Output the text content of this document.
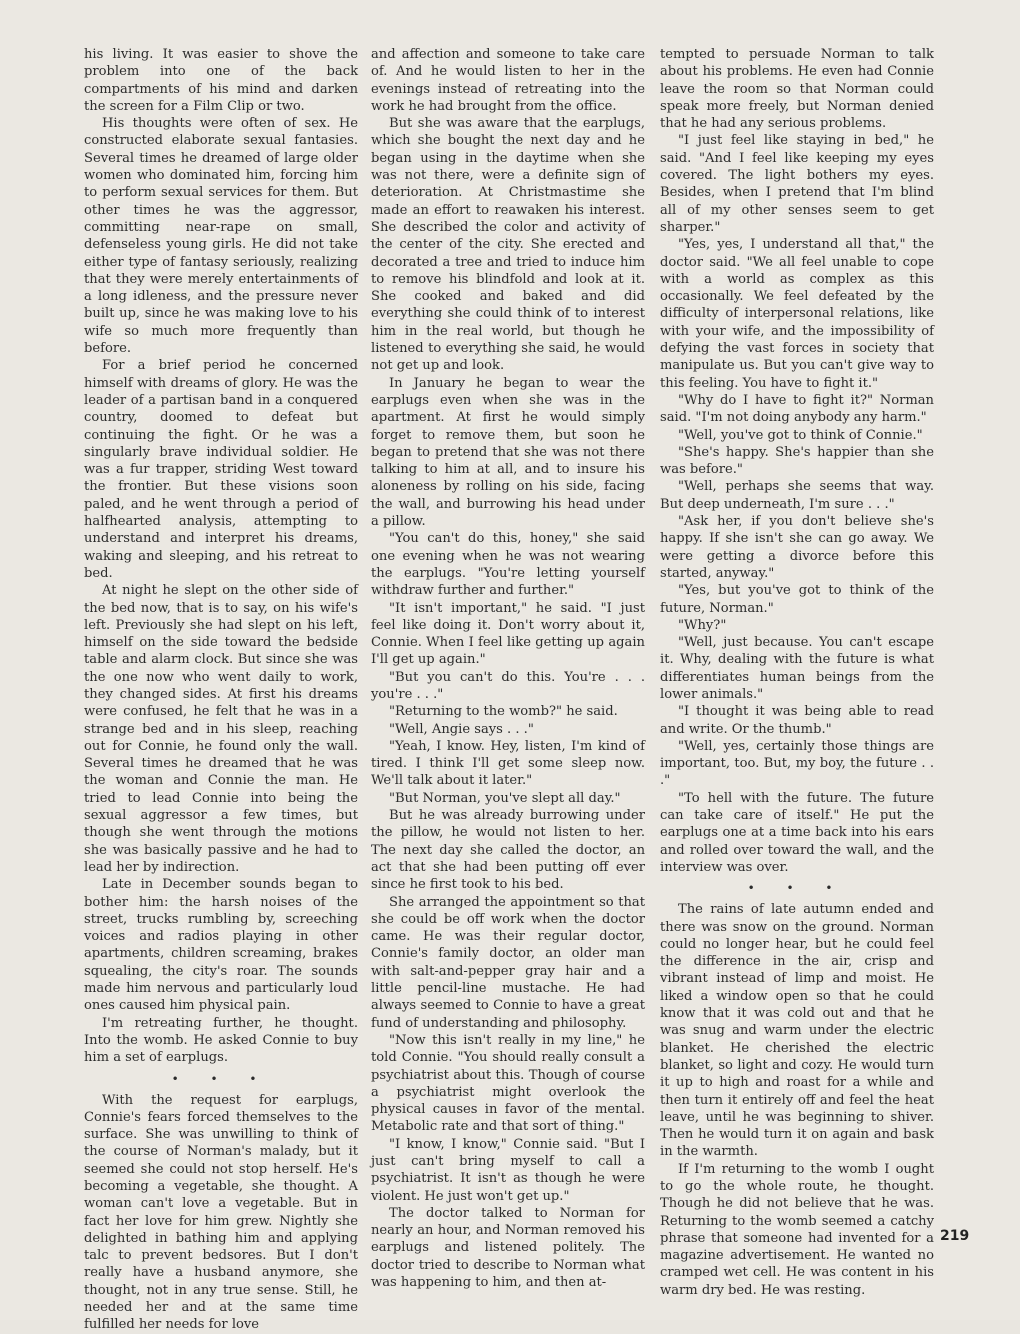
his living. It was easier to shove the problem into one of the back compartments of his mind and darken the screen for a Film Clip or two.

His thoughts were often of sex. He constructed elaborate sexual fantasies. Several times he dreamed of large older women who dominated him, forcing him to perform sexual services for them. But other times he was the aggressor, committing near-rape on small, defenseless young girls. He did not take either type of fantasy seriously, realizing that they were merely entertainments of a long idleness, and the pressure never built up, since he was making love to his wife so much more frequently than before.

For a brief period he concerned himself with dreams of glory. He was the leader of a partisan band in a conquered country, doomed to defeat but continuing the fight. Or he was a singularly brave individual soldier. He was a fur trapper, striding West toward the frontier. But these visions soon paled, and he went through a period of halfhearted analysis, attempting to understand and interpret his dreams, waking and sleeping, and his retreat to bed.

At night he slept on the other side of the bed now, that is to say, on his wife's left. Previously she had slept on his left, himself on the side toward the bedside table and alarm clock. But since she was the one now who went daily to work, they changed sides. At first his dreams were confused, he felt that he was in a strange bed and in his sleep, reaching out for Connie, he found only the wall. Several times he dreamed that he was the woman and Connie the man. He tried to lead Connie into being the sexual aggressor a few times, but though she went through the motions she was basically passive and he had to lead her by indirection.

Late in December sounds began to bother him: the harsh noises of the street, trucks rumbling by, screeching voices and radios playing in other apartments, children screaming, brakes squealing, the city's roar. The sounds made him nervous and particularly loud ones caused him physical pain.

I'm retreating further, he thought. Into the womb. He asked Connie to buy him a set of earplugs.

• • •

With the request for earplugs, Connie's fears forced themselves to the surface. She was unwilling to think of the course of Norman's malady, but it seemed she could not stop herself. He's becoming a vegetable, she thought. A woman can't love a vegetable. But in fact her love for him grew. Nightly she delighted in bathing him and applying talc to prevent bedsores. But I don't really have a husband anymore, she thought, not in any true sense. Still, he needed her and at the same time fulfilled her needs for love

and affection and someone to take care of. And he would listen to her in the evenings instead of retreating into the work he had brought from the office.

But she was aware that the earplugs, which she bought the next day and he began using in the daytime when she was not there, were a definite sign of deterioration. At Christmastime she made an effort to reawaken his interest. She described the color and activity of the center of the city. She erected and decorated a tree and tried to induce him to remove his blindfold and look at it. She cooked and baked and did everything she could think of to interest him in the real world, but though he listened to everything she said, he would not get up and look.

In January he began to wear the earplugs even when she was in the apartment. At first he would simply forget to remove them, but soon he began to pretend that she was not there talking to him at all, and to insure his aloneness by rolling on his side, facing the wall, and burrowing his head under a pillow.

"You can't do this, honey," she said one evening when he was not wearing the earplugs. "You're letting yourself withdraw further and further."

"It isn't important," he said. "I just feel like doing it. Don't worry about it, Connie. When I feel like getting up again I'll get up again."

"But you can't do this. You're . . . you're . . ."

"Returning to the womb?" he said.

"Well, Angie says . . ."

"Yeah, I know. Hey, listen, I'm kind of tired. I think I'll get some sleep now. We'll talk about it later."

"But Norman, you've slept all day."

But he was already burrowing under the pillow, he would not listen to her. The next day she called the doctor, an act that she had been putting off ever since he first took to his bed.

She arranged the appointment so that she could be off work when the doctor came. He was their regular doctor, Connie's family doctor, an older man with salt-and-pepper gray hair and a little pencil-line mustache. He had always seemed to Connie to have a great fund of understanding and philosophy.

"Now this isn't really in my line," he told Connie. "You should really consult a psychiatrist about this. Though of course a psychiatrist might overlook the physical causes in favor of the mental. Metabolic rate and that sort of thing."

"I know, I know," Connie said. "But I just can't bring myself to call a psychiatrist. It isn't as though he were violent. He just won't get up."

The doctor talked to Norman for nearly an hour, and Norman removed his earplugs and listened politely. The doctor tried to describe to Norman what was happening to him, and then at-

tempted to persuade Norman to talk about his problems. He even had Connie leave the room so that Norman could speak more freely, but Norman denied that he had any serious problems.

"I just feel like staying in bed," he said. "And I feel like keeping my eyes covered. The light bothers my eyes. Besides, when I pretend that I'm blind all of my other senses seem to get sharper."

"Yes, yes, I understand all that," the doctor said. "We all feel unable to cope with a world as complex as this occasionally. We feel defeated by the difficulty of interpersonal relations, like with your wife, and the impossibility of defying the vast forces in society that manipulate us. But you can't give way to this feeling. You have to fight it."

"Why do I have to fight it?" Norman said. "I'm not doing anybody any harm."

"Well, you've got to think of Connie."

"She's happy. She's happier than she was before."

"Well, perhaps she seems that way. But deep underneath, I'm sure . . ."

"Ask her, if you don't believe she's happy. If she isn't she can go away. We were getting a divorce before this started, anyway."

"Yes, but you've got to think of the future, Norman."

"Why?"

"Well, just because. You can't escape it. Why, dealing with the future is what differentiates human beings from the lower animals."

"I thought it was being able to read and write. Or the thumb."

"Well, yes, certainly those things are important, too. But, my boy, the future . . ."

"To hell with the future. The future can take care of itself." He put the earplugs one at a time back into his ears and rolled over toward the wall, and the interview was over.

• • •

The rains of late autumn ended and there was snow on the ground. Norman could no longer hear, but he could feel the difference in the air, crisp and vibrant instead of limp and moist. He liked a window open so that he could know that it was cold out and that he was snug and warm under the electric blanket. He cherished the electric blanket, so light and cozy. He would turn it up to high and roast for a while and then turn it entirely off and feel the heat leave, until he was beginning to shiver. Then he would turn it on again and bask in the warmth.

If I'm returning to the womb I ought to go the whole route, he thought. Though he did not believe that he was. Returning to the womb seemed a catchy phrase that someone had invented for a magazine advertisement. He wanted no cramped wet cell. He was content in his warm dry bed. He was resting.

219
